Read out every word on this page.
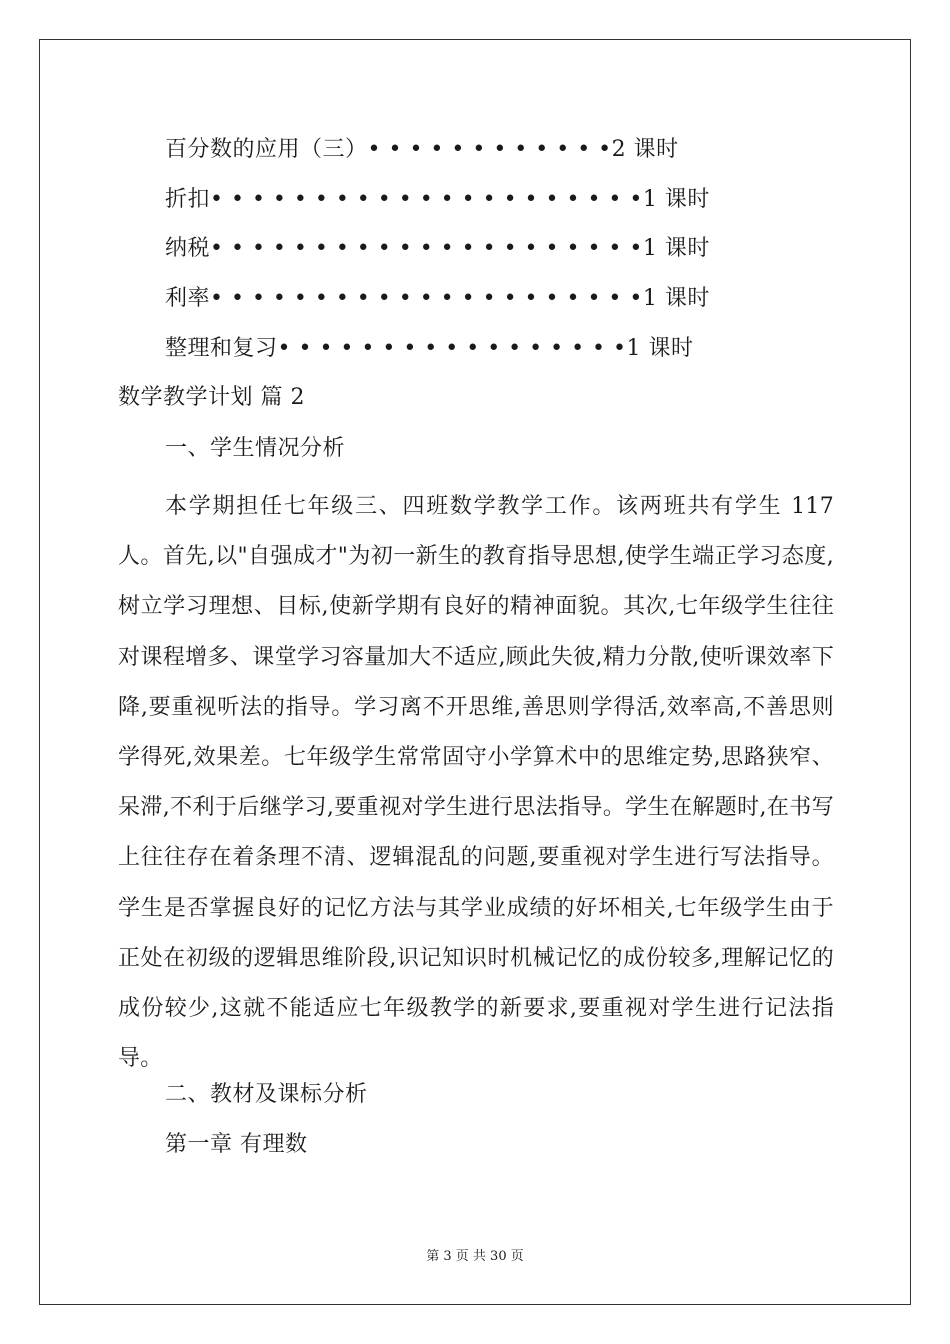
百分数的应用（三）• • • • • • • • • • • •2 课时
折扣• • • • • • • • • • • • • • • • • • • • •1 课时
纳税• • • • • • • • • • • • • • • • • • • • •1 课时
利率• • • • • • • • • • • • • • • • • • • • •1 课时
整理和复习• • • • • • • • • • • • • • • • •1 课时
数学教学计划 篇 2
一、学生情况分析
本学期担任七年级三、四班数学教学工作。该两班共有学生 117 人。首先,以"自强成才"为初一新生的教育指导思想,使学生端正学习态度,树立学习理想、目标,使新学期有良好的精神面貌。其次,七年级学生往往对课程增多、课堂学习容量加大不适应,顾此失彼,精力分散,使听课效率下降,要重视听法的指导。学习离不开思维,善思则学得活,效率高,不善思则学得死,效果差。七年级学生常常固守小学算术中的思维定势,思路狭窄、呆滞,不利于后继学习,要重视对学生进行思法指导。学生在解题时,在书写上往往存在着条理不清、逻辑混乱的问题,要重视对学生进行写法指导。学生是否掌握良好的记忆方法与其学业成绩的好坏相关,七年级学生由于正处在初级的逻辑思维阶段,识记知识时机械记忆的成份较多,理解记忆的成份较少,这就不能适应七年级教学的新要求,要重视对学生进行记法指导。
二、教材及课标分析
第一章 有理数
第 3 页 共 30 页
